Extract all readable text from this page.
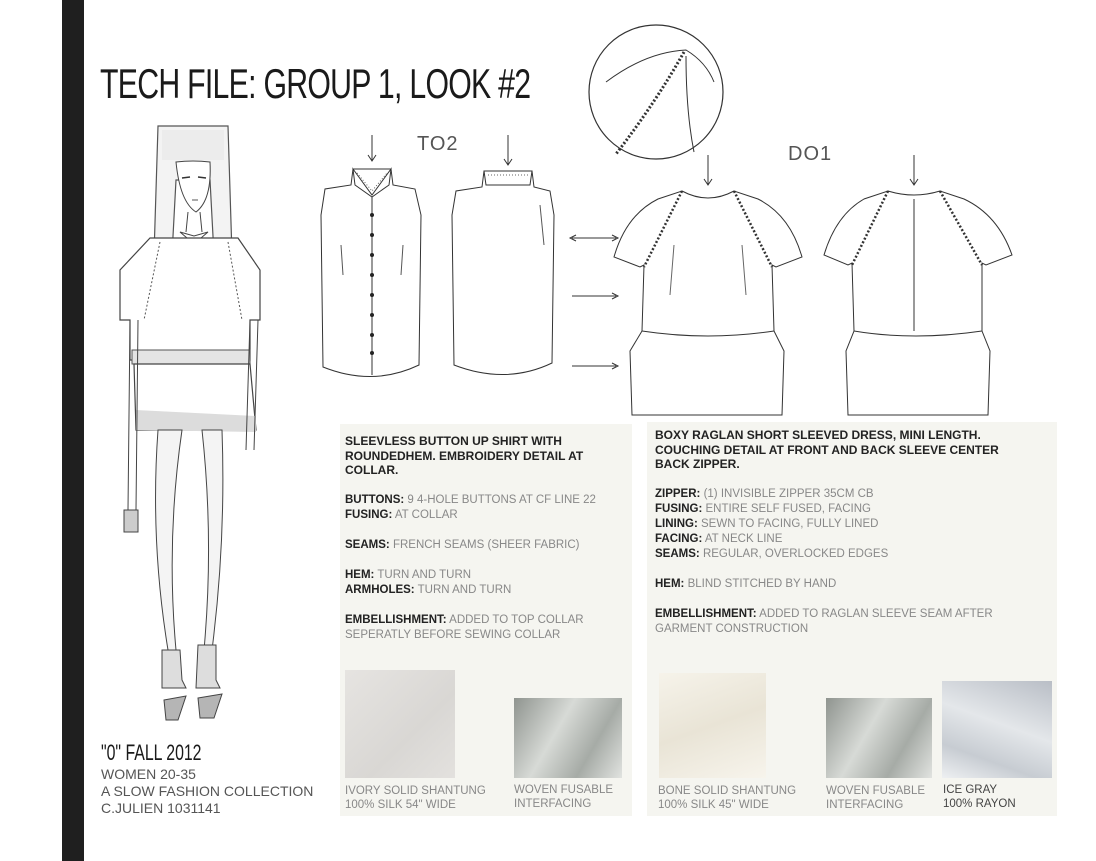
TECH FILE: GROUP 1, LOOK #2
TO2	DO1

SLEEVLESS BUTTON UP SHIRT WITH ROUNDEDHEM. EMBROIDERY DETAIL AT COLLAR.

BUTTONS: 9 4-HOLE BUTTONS AT CF LINE 22

FUSING: AT COLLAR

SEAMS: FRENCH SEAMS (SHEER FABRIC)

HEM: TURN AND TURN

ARMHOLES: TURN AND TURN

EMBELLISHMENT: ADDED TO TOP COLLAR SEPERATLY BEFORE SEWING COLLAR

BOXY RAGLAN SHORT SLEEVED DRESS, MINI LENGTH. COUCHING DETAIL AT FRONT AND BACK SLEEVE CENTER BACK ZIPPER.

ZIPPER: (1) INVISIBLE ZIPPER 35CM CB

FUSING: ENTIRE SELF FUSED, FACING

LINING: SEWN TO FACING, FULLY LINED

FACING: AT NECK LINE

SEAMS: REGULAR, OVERLOCKED EDGES

HEM: BLIND STITCHED BY HAND

EMBELLISHMENT: ADDED TO RAGLAN SLEEVE SEAM AFTER GARMENT CONSTRUCTION

IVORY SOLID SHANTUNG
100% SILK 54" WIDE
WOVEN FUSABLE
INTERFACING
BONE SOLID SHANTUNG
100% SILK 45" WIDE
WOVEN FUSABLE
INTERFACING
ICE GRAY
100% RAYON
"0" FALL 2012
WOMEN 20-35
A SLOW FASHION COLLECTION
C.JULIEN 1031141
